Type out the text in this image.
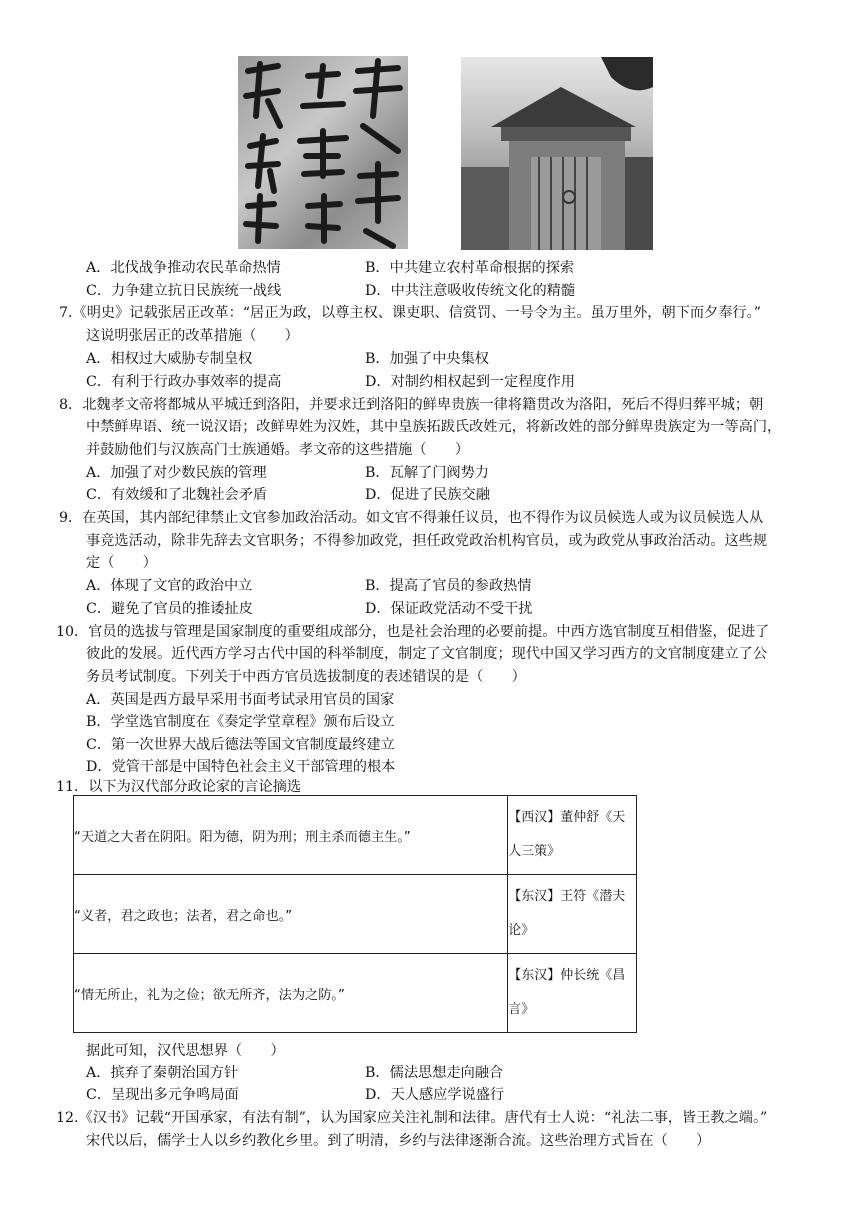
A．北伐战争推动农民革命热情	B．中共建立农村革命根据的探索
C．力争建立抗日民族统一战线	D．中共注意吸收传统文化的精髓
7.《明史》记载张居正改革：“居正为政，以尊主权、课吏职、信赏罚、一号令为主。虽万里外，朝下而夕奉行。”
这说明张居正的改革措施（　　）
A．相权过大威胁专制皇权	B．加强了中央集权
C．有利于行政办事效率的提高	D．对制约相权起到一定程度作用
8．北魏孝文帝将都城从平城迁到洛阳，并要求迁到洛阳的鲜卑贵族一律将籍贯改为洛阳，死后不得归葬平城；朝
中禁鲜卑语、统一说汉语；改鲜卑姓为汉姓，其中皇族拓跋氏改姓元，将新改姓的部分鲜卑贵族定为一等高门，
并鼓励他们与汉族高门士族通婚。孝文帝的这些措施（　　）
A．加强了对少数民族的管理	B．瓦解了门阀势力
C．有效缓和了北魏社会矛盾	D．促进了民族交融
9．在英国，其内部纪律禁止文官参加政治活动。如文官不得兼任议员，也不得作为议员候选人或为议员候选人从
事竞选活动，除非先辞去文官职务；不得参加政党，担任政党政治机构官员，或为政党从事政治活动。这些规
定（　　）
A．体现了文官的政治中立	B．提高了官员的参政热情
C．避免了官员的推诿扯皮	D．保证政党活动不受干扰
10．官员的选拔与管理是国家制度的重要组成部分，也是社会治理的必要前提。中西方选官制度互相借鉴，促进了
彼此的发展。近代西方学习古代中国的科举制度，制定了文官制度；现代中国又学习西方的文官制度建立了公
务员考试制度。下列关于中西方官员选拔制度的表述错误的是（　　）
A．英国是西方最早采用书面考试录用官员的国家
B．学堂选官制度在《奏定学堂章程》颁布后设立
C．第一次世界大战后德法等国文官制度最终建立
D．党管干部是中国特色社会主义干部管理的根本
11．以下为汉代部分政论家的言论摘选
“天道之大者在阴阳。阳为德，阴为刑；刑主杀而德主生。”	【西汉】董仲舒《天人三策》
“义者，君之政也；法者，君之命也。”	【东汉】王符《潜夫论》
“情无所止，礼为之俭；欲无所齐，法为之防。”	【东汉】仲长统《昌言》
据此可知，汉代思想界（　　）
A．摈弃了秦朝治国方针	B．儒法思想走向融合
C．呈现出多元争鸣局面	D．天人感应学说盛行
12.《汉书》记载“开国承家，有法有制”，认为国家应关注礼制和法律。唐代有士人说：“礼法二事，皆王教之端。”
宋代以后，儒学士人以乡约教化乡里。到了明清，乡约与法律逐渐合流。这些治理方式旨在（　　）
